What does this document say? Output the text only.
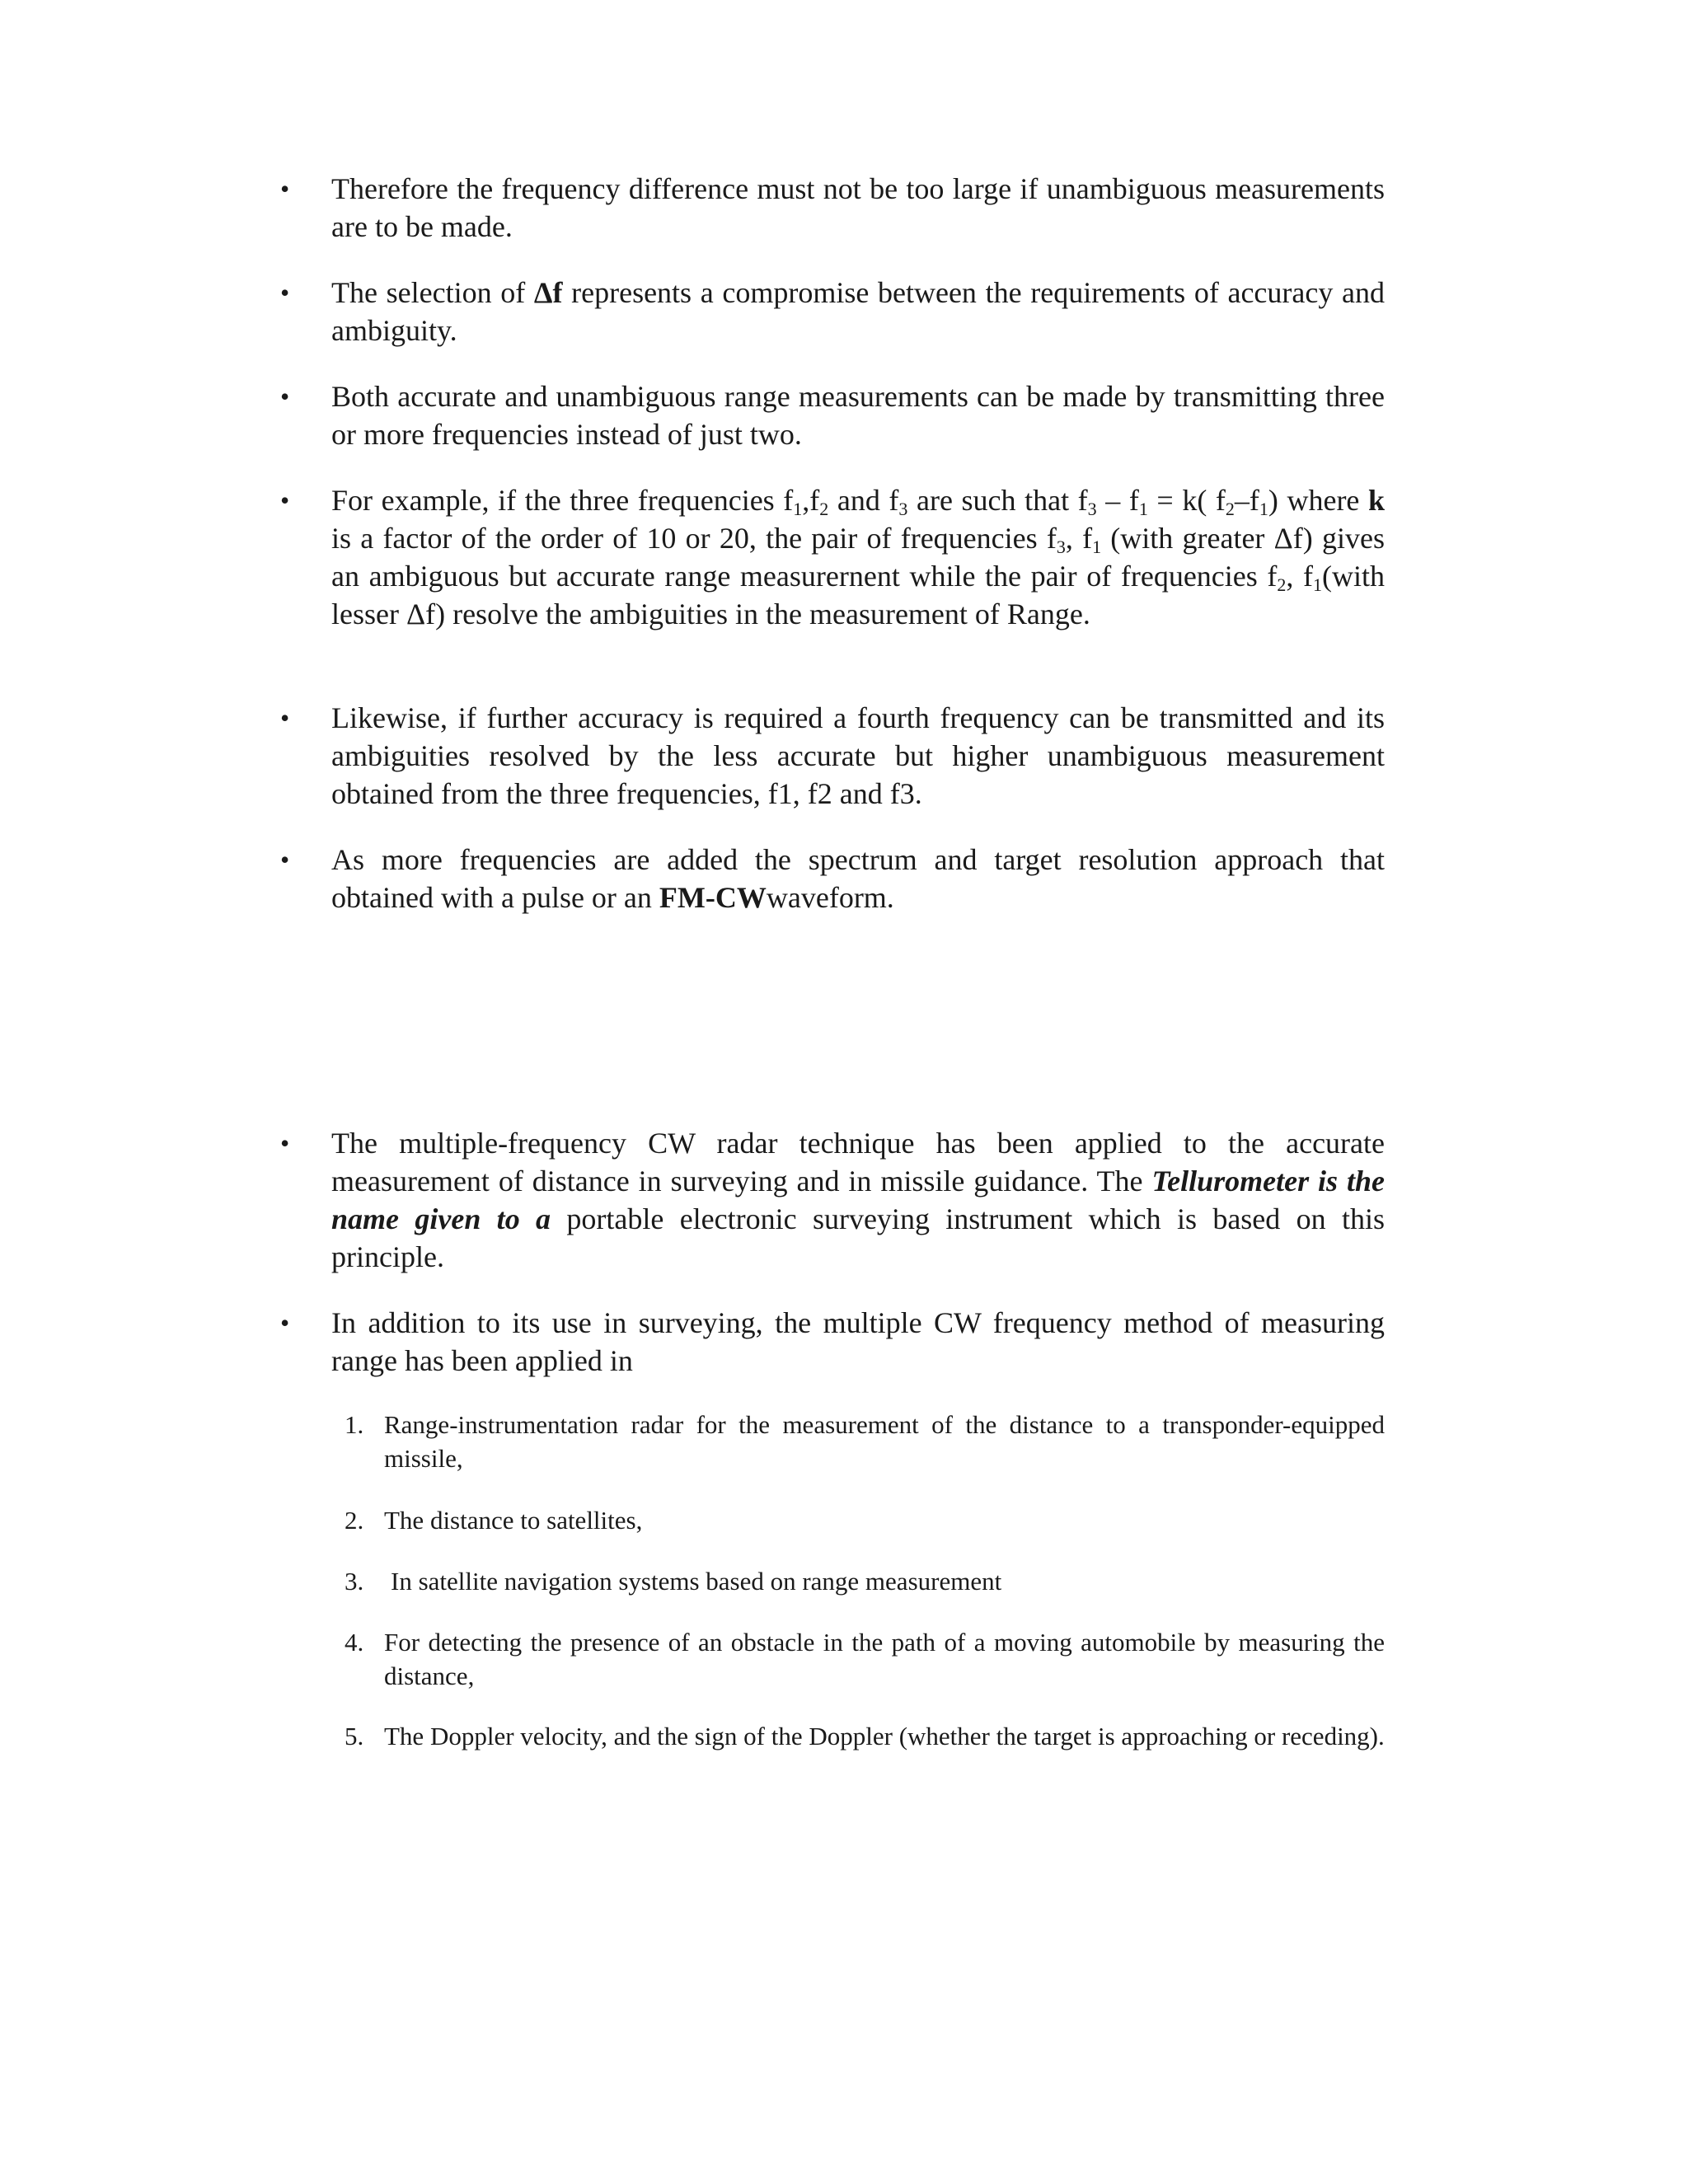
• Therefore the frequency difference must not be too large if unambiguous measurements are to be made.
• The selection of Δf represents a compromise between the requirements of accuracy and ambiguity.
• Both accurate and unambiguous range measurements can be made by transmitting three or more frequencies instead of just two.
• For example, if the three frequencies $f_1,f_2$ and $f_3$ are such that $f_3 - f_1 = k$( $f_2-f_1$) where k is a factor of the order of 10 or 20, the pair of frequencies $f_3$, $f_1$ (with greater Δf) gives an ambiguous but accurate range measurernent while the pair of frequencies $f_2$, $f_1(with$ lesser Δf) resolve the ambiguities in the measurement of Range.
• Likewise, if further accuracy is required a fourth frequency can be transmitted and its ambiguities resolved by the less accurate but higher unambiguous measurement obtained from the three frequencies, f1, f2 and f3.
• As more frequencies are added the spectrum and target resolution approach that obtained with a pulse or an FM-CWwaveform.
• The multiple-frequency CW radar technique has been applied to the accurate measurement of distance in surveying and in missile guidance. The Tellurometer is the name given to a portable electronic surveying instrument which is based on this principle.
• In addition to its use in surveying, the multiple CW frequency method of measuring range has been applied in
1. Range-instrumentation radar for the measurement of the distance to a transponder-equipped missile,
2. The distance to satellites,
3. In satellite navigation systems based on range measurement
4. For detecting the presence of an obstacle in the path of a moving automobile by measuring the distance,
5. The Doppler velocity, and the sign of the Doppler (whether the target is approaching or receding).
